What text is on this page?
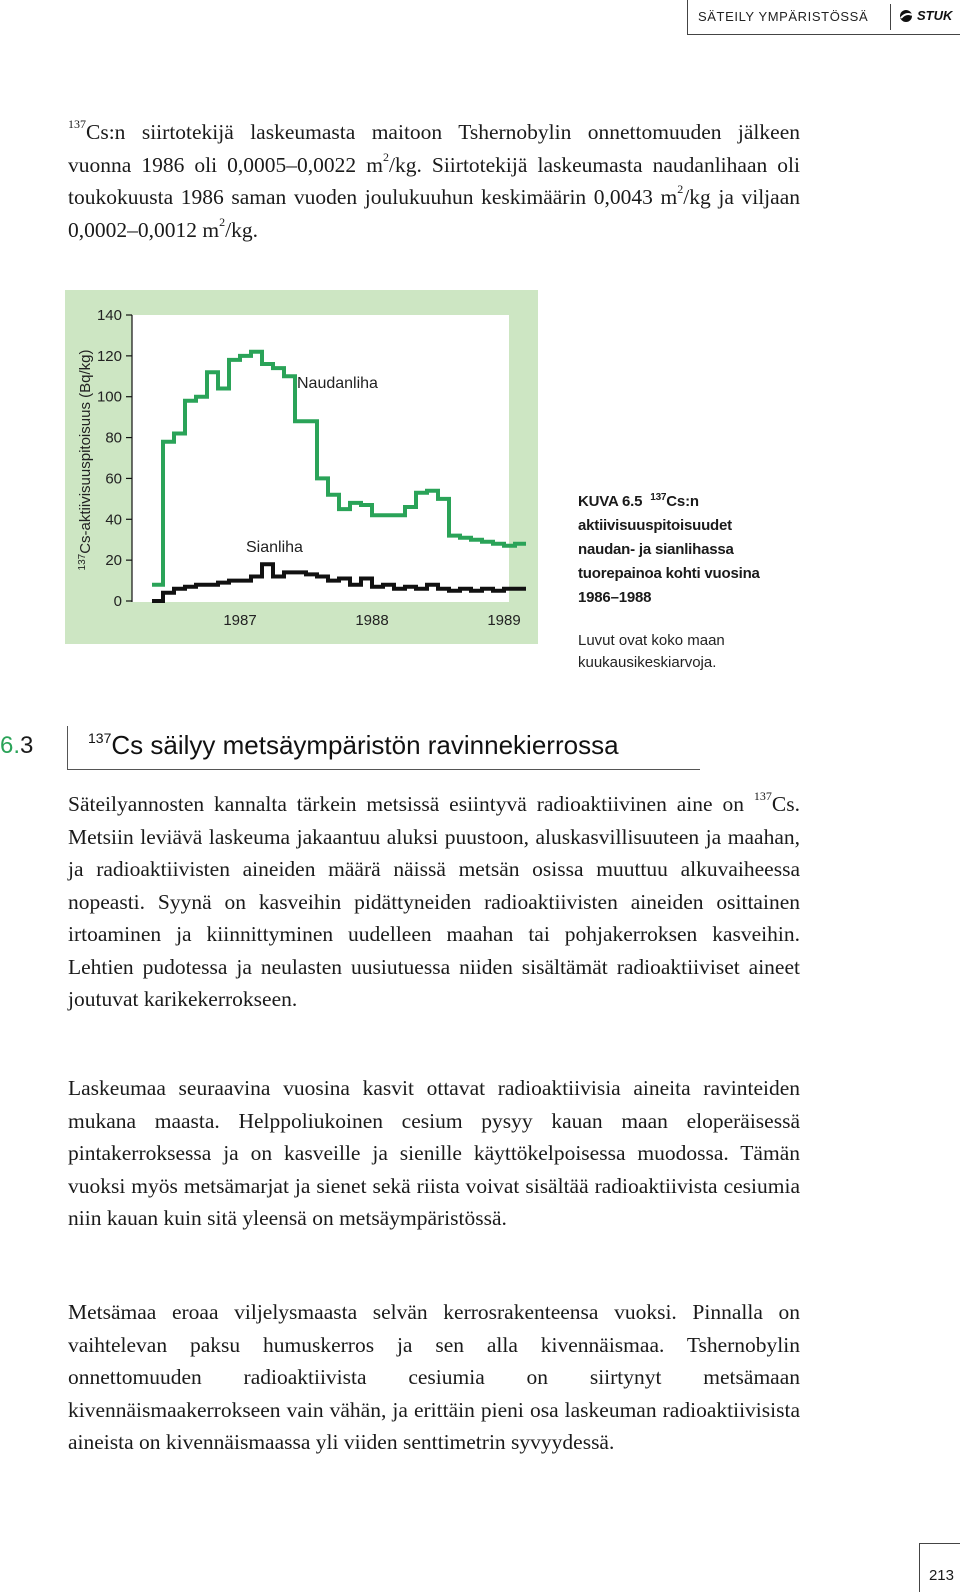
SÄTEILY YMPÄRISTÖSSÄ	STUK

$^{137}$Cs:n siirtotekijä laskeumasta maitoon Tshernobylin onnettomuuden jälkeen vuonna 1986 oli 0,0005–0,0022 $m^2/kg$. Siirtotekijä laskeumasta naudanlihaan oli toukokuusta 1986 saman vuoden joulukuuhun keskimäärin 0,0043 $m^2/kg$ ja viljaan 0,0002–0,0012 $m^2/kg$.

$^{137}$Cs-aktiivisuuspitoisuus (Bq/kg)
0
20
40
60
80
100
120
140
1987	1988	1989
Naudanliha
Sianliha

KUVA 6.5 $^{137}$Cs:n aktiivisuuspitoisuudet naudan- ja sianlihassa tuorepainoa kohti vuosina 1986–1988

Luvut ovat koko maan kuukausikeskiarvoja.

6.3	$^{137}$Cs säilyy metsäympäristön ravinnekierrossa

Säteilyannosten kannalta tärkein metsissä esiintyvä radioaktiivinen aine on $^{137}$Cs. Metsiin leviävä laskeuma jakaantuu aluksi puustoon, aluskasvillisuuteen ja maahan, ja radioaktiivisten aineiden määrä näissä metsän osissa muuttuu alkuvaiheessa nopeasti. Syynä on kasveihin pidättyneiden radioaktiivisten aineiden osittainen irtoaminen ja kiinnittyminen uudelleen maahan tai pohjakerroksen kasveihin. Lehtien pudotessa ja neulasten uusiutuessa niiden sisältämät radioaktiiviset aineet joutuvat karikekerrokseen.

Laskeumaa seuraavina vuosina kasvit ottavat radioaktiivisia aineita ravinteiden mukana maasta. Helppoliukoinen cesium pysyy kauan maan eloperäisessä pintakerroksessa ja on kasveille ja sienille käyttökelpoisessa muodossa. Tämän vuoksi myös metsämarjat ja sienet sekä riista voivat sisältää radioaktiivista cesiumia niin kauan kuin sitä yleensä on metsäympäristössä.

Metsämaa eroaa viljelysmaasta selvän kerrosrakenteensa vuoksi. Pinnalla on vaihtelevan paksu humuskerros ja sen alla kivennäismaa. Tshernobylin onnettomuuden radioaktiivista cesiumia on siirtynyt metsämaan kivennäismaakerrokseen vain vähän, ja erittäin pieni osa laskeuman radioaktiivisista aineista on kivennäismaassa yli viiden senttimetrin syvyydessä.

213
